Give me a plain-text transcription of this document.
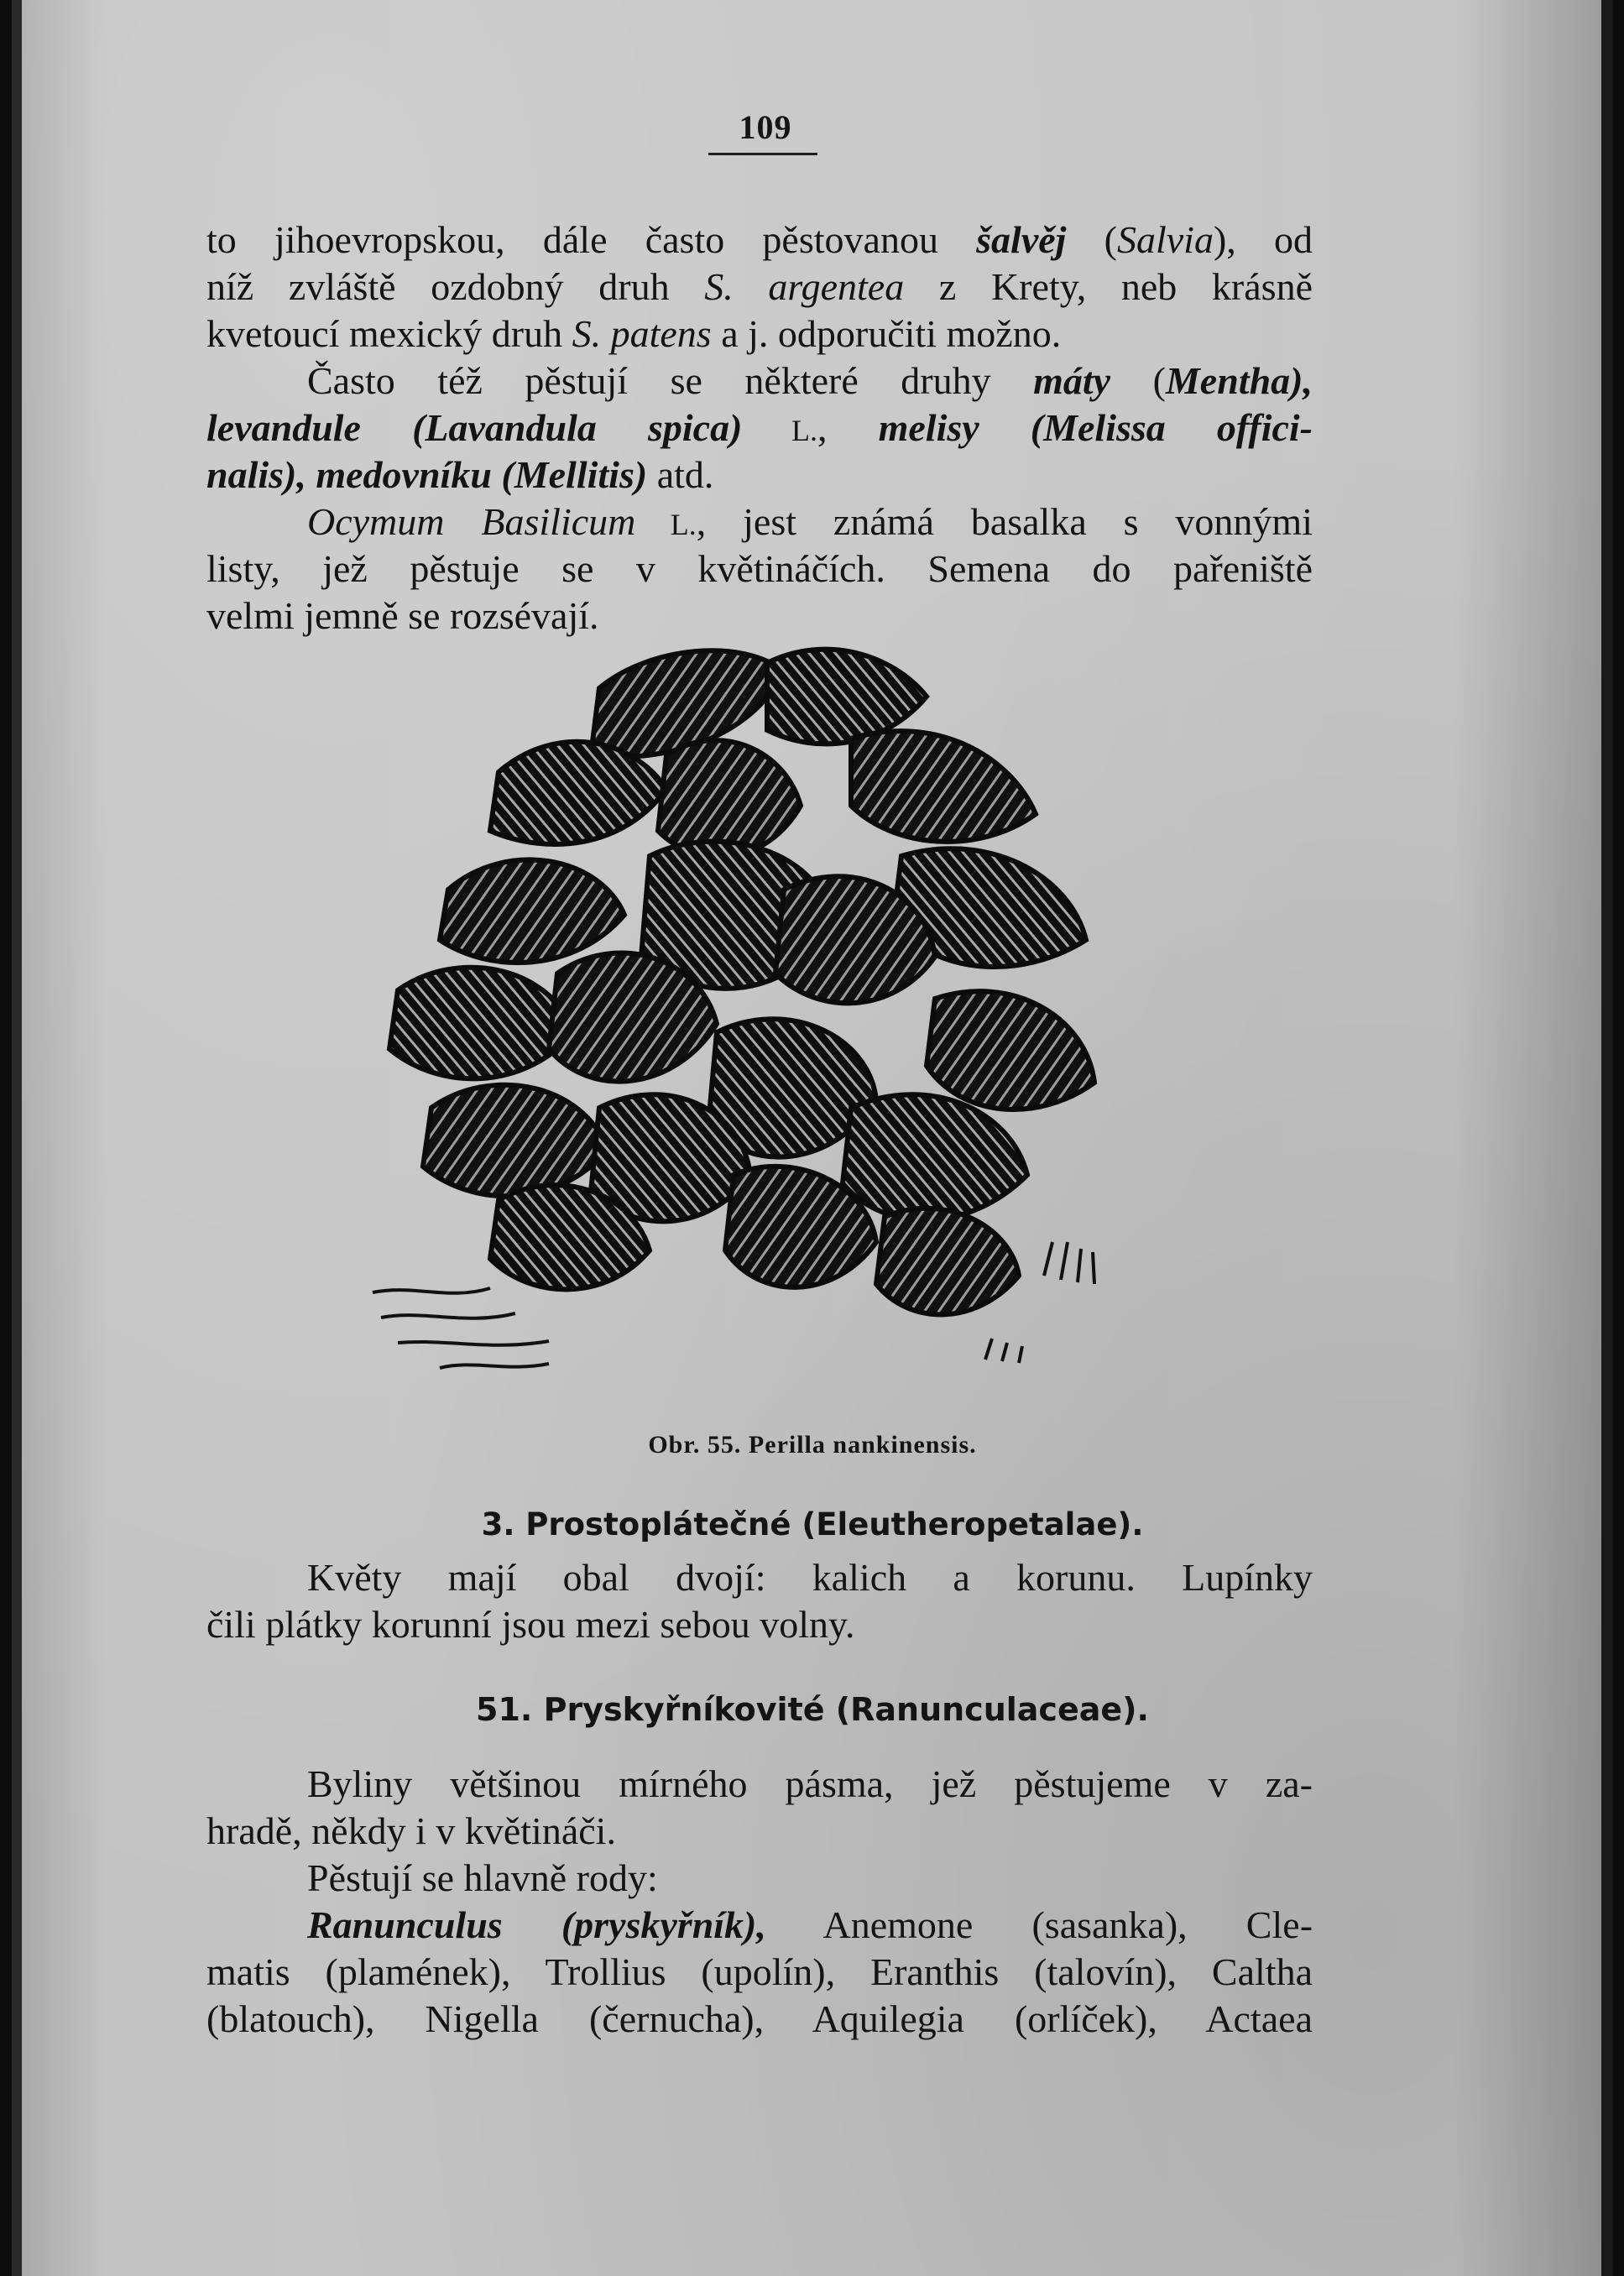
109
to jihoevropskou, dále často pěstovanou šalvěj (Salvia), od
níž zvláště ozdobný druh S. argentea z Krety, neb krásně
kvetoucí mexický druh S. patens a j. odporučiti možno.
Často též pěstují se některé druhy máty (Mentha),
levandule (Lavandula spica) L., melisy (Melissa offici-
nalis), medovníku (Mellitis) atd.
Ocymum Basilicum L., jest známá basalka s vonnými
listy, jež pěstuje se v květináčích. Semena do pařeniště
velmi jemně se rozsévají.
Obr. 55. Perilla nankinensis.
3. Prostoplátečné (Eleutheropetalae).
Květy mají obal dvojí: kalich a korunu. Lupínky
čili plátky korunní jsou mezi sebou volny.
51. Pryskyřníkovité (Ranunculaceae).
Byliny většinou mírného pásma, jež pěstujeme v za-
hradě, někdy i v květináči.
Pěstují se hlavně rody:
Ranunculus (pryskyřník), Anemone (sasanka), Cle-
matis (plamének), Trollius (upolín), Eranthis (talovín), Caltha
(blatouch), Nigella (černucha), Aquilegia (orlíček), Actaea
